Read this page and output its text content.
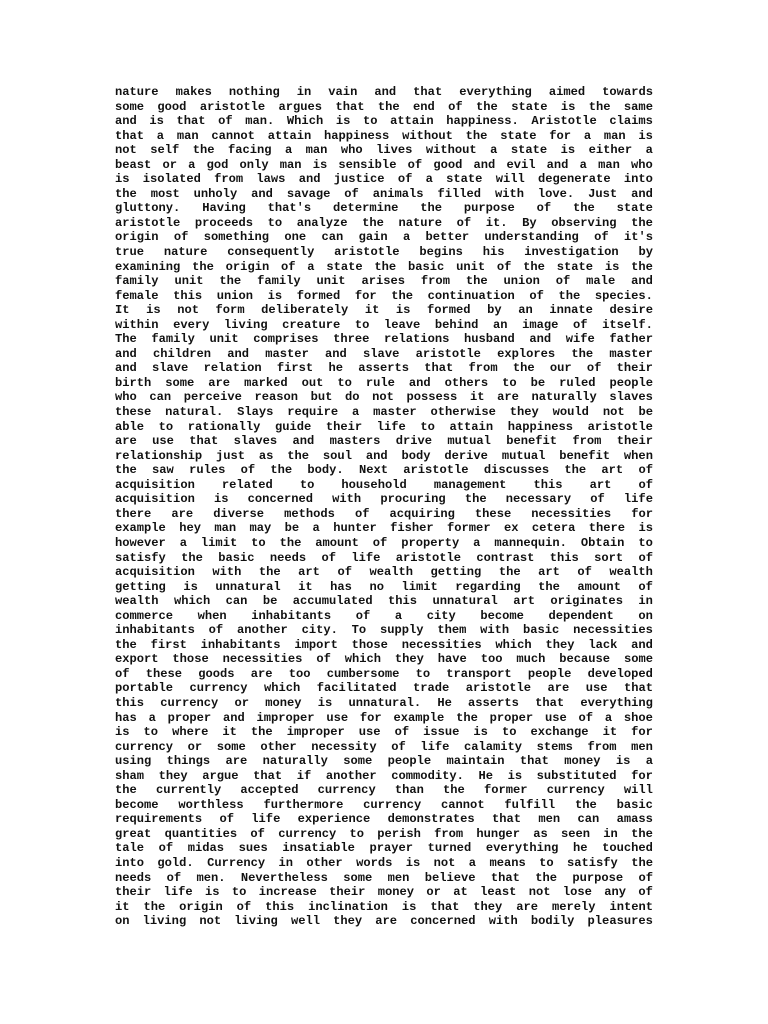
nature makes nothing in vain and that everything aimed towards
some good aristotle argues that the end of the state is the same
and is that of man. Which is to attain happiness. Aristotle claims
that a man cannot attain happiness without the state for a man is
not self the facing a man who lives without a state is either a
beast or a god only man is sensible of good and evil and a man who
is isolated from laws and justice of a state will degenerate into
the most unholy and savage of animals filled with love. Just and
gluttony. Having that's determine the purpose of the state
aristotle proceeds to analyze the nature of it. By observing the
origin of something one can gain a better understanding of it's
true nature consequently aristotle begins his investigation by
examining the origin of a state the basic unit of the state is the
family unit the family unit arises from the union of male and
female this union is formed for the continuation of the species.
It is not form deliberately it is formed by an innate desire
within every living creature to leave behind an image of itself.
The family unit comprises three relations husband and wife father
and children and master and slave aristotle explores the master
and slave relation first he asserts that from the our of their
birth some are marked out to rule and others to be ruled people
who can perceive reason but do not possess it are naturally slaves
these natural. Slays require a master otherwise they would not be
able to rationally guide their life to attain happiness aristotle
are use that slaves and masters drive mutual benefit from their
relationship just as the soul and body derive mutual benefit when
the saw rules of the body. Next aristotle discusses the art of
acquisition related to household management this art of
acquisition is concerned with procuring the necessary of life
there are diverse methods of acquiring these necessities for
example hey man may be a hunter fisher former ex cetera there is
however a limit to the amount of property a mannequin. Obtain to
satisfy the basic needs of life aristotle contrast this sort of
acquisition with the art of wealth getting the art of wealth
getting is unnatural it has no limit regarding the amount of
wealth which can be accumulated this unnatural art originates in
commerce when inhabitants of a city become dependent on
inhabitants of another city. To supply them with basic necessities
the first inhabitants import those necessities which they lack and
export those necessities of which they have too much because some
of these goods are too cumbersome to transport people developed
portable currency which facilitated trade aristotle are use that
this currency or money is unnatural. He asserts that everything
has a proper and improper use for example the proper use of a shoe
is to where it the improper use of issue is to exchange it for
currency or some other necessity of life calamity stems from men
using things are naturally some people maintain that money is a
sham they argue that if another commodity. He is substituted for
the currently accepted currency than the former currency will
become worthless furthermore currency cannot fulfill the basic
requirements of life experience demonstrates that men can amass
great quantities of currency to perish from hunger as seen in the
tale of midas sues insatiable prayer turned everything he touched
into gold. Currency in other words is not a means to satisfy the
needs of men. Nevertheless some men believe that the purpose of
their life is to increase their money or at least not lose any of
it the origin of this inclination is that they are merely intent
on living not living well they are concerned with bodily pleasures
